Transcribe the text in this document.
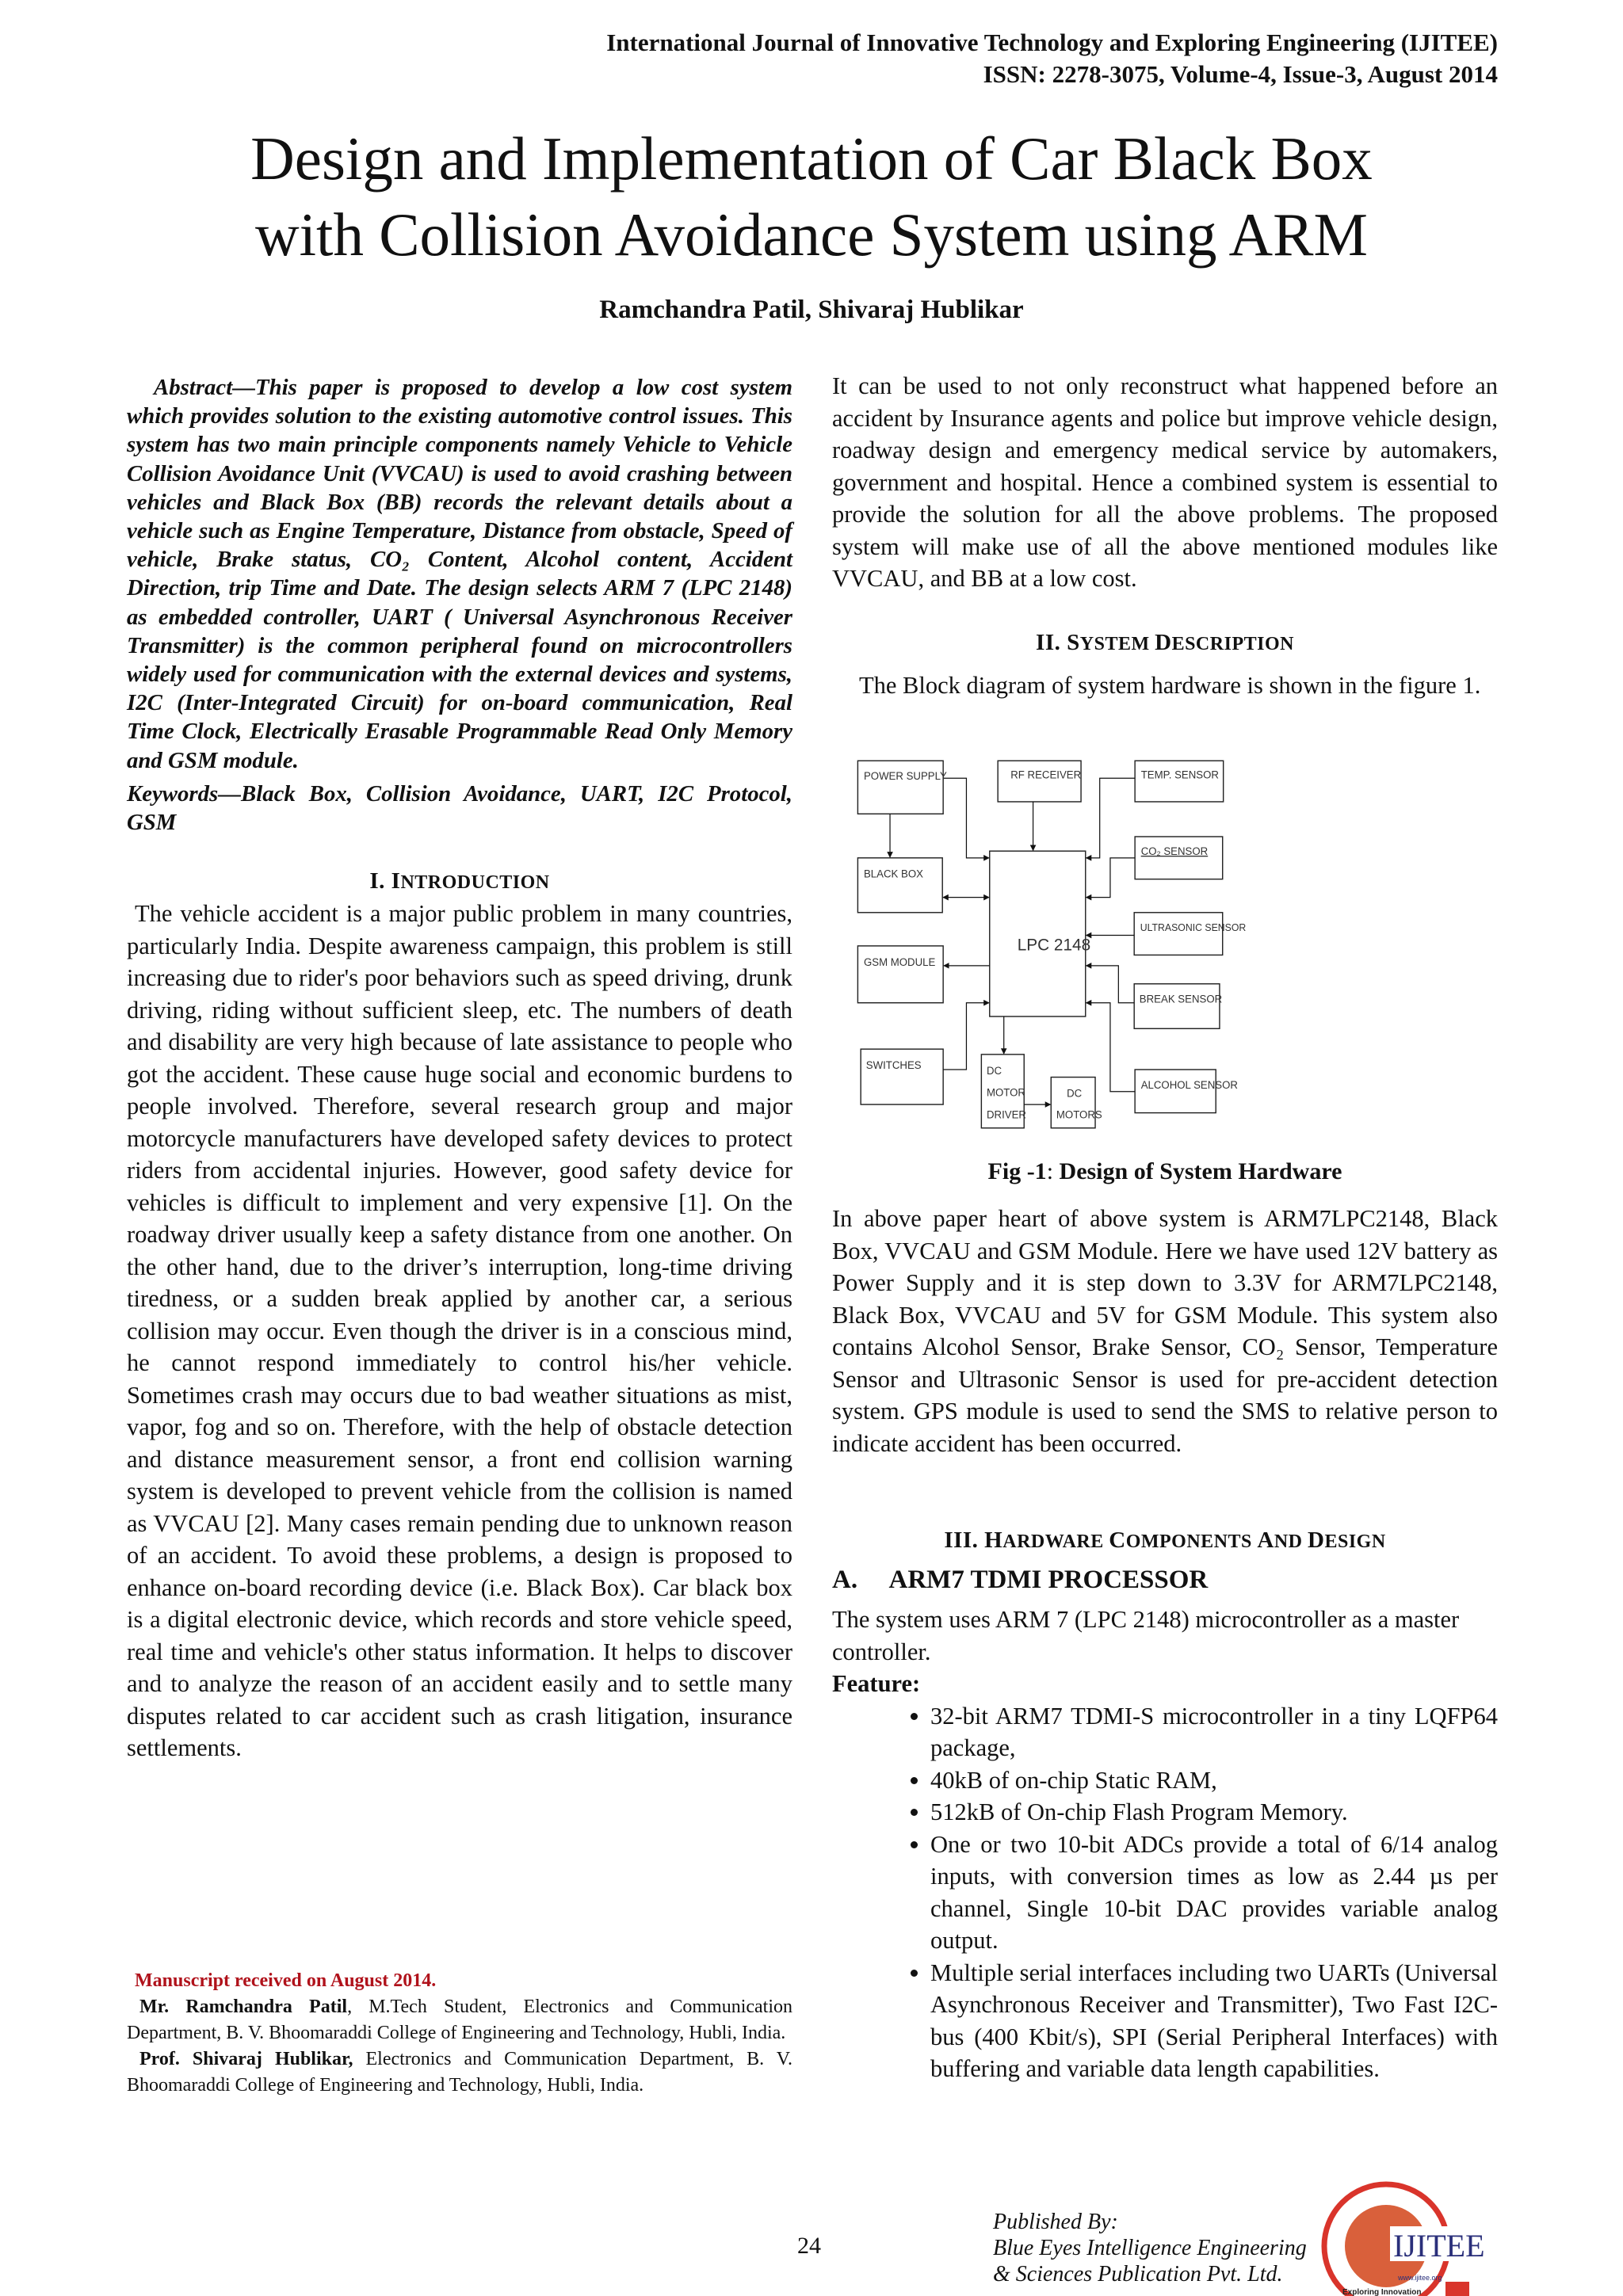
International Journal of Innovative Technology and Exploring Engineering (IJITEE)
ISSN: 2278-3075, Volume-4, Issue-3, August 2014
Design and Implementation of Car Black Box
with Collision Avoidance System using ARM
Ramchandra Patil, Shivaraj Hublikar

Abstract—This paper is proposed to develop a low cost system which provides solution to the existing automotive control issues. This system has two main principle components namely Vehicle to Vehicle Collision Avoidance Unit (VVCAU) is used to avoid crashing between vehicles and Black Box (BB) records the relevant details about a vehicle such as Engine Temperature, Distance from obstacle, Speed of vehicle, Brake status, CO₂ Content, Alcohol content, Accident Direction, trip Time and Date. The design selects ARM 7 (LPC 2148) as embedded controller, UART ( Universal Asynchronous Receiver Transmitter) is the common peripheral found on microcontrollers widely used for communication with the external devices and systems, I2C (Inter-Integrated Circuit) for on-board communication, Real Time Clock, Electrically Erasable Programmable Read Only Memory and GSM module.

Keywords—Black Box, Collision Avoidance, UART, I2C Protocol, GSM

I. INTRODUCTION

The vehicle accident is a major public problem in many countries, particularly India. Despite awareness campaign, this problem is still increasing due to rider's poor behaviors such as speed driving, drunk driving, riding without sufficient sleep, etc. The numbers of death and disability are very high because of late assistance to people who got the accident. These cause huge social and economic burdens to people involved. Therefore, several research group and major motorcycle manufacturers have developed safety devices to protect riders from accidental injuries. However, good safety device for vehicles is difficult to implement and very expensive [1]. On the roadway driver usually keep a safety distance from one another. On the other hand, due to the driver’s interruption, long-time driving tiredness, or a sudden break applied by another car, a serious collision may occur. Even though the driver is in a conscious mind, he cannot respond immediately to control his/her vehicle. Sometimes crash may occurs due to bad weather situations as mist, vapor, fog and so on. Therefore, with the help of obstacle detection and distance measurement sensor, a front end collision warning system is developed to prevent vehicle from the collision is named as VVCAU [2]. Many cases remain pending due to unknown reason of an accident. To avoid these problems, a design is proposed to enhance on-board recording device (i.e. Black Box). Car black box is a digital electronic device, which records and store vehicle speed, real time and vehicle's other status information. It helps to discover and to analyze the reason of an accident easily and to settle many disputes related to car accident such as crash litigation, insurance settlements.

Manuscript received on August 2014.
Mr. Ramchandra Patil, M.Tech Student, Electronics and Communication Department, B. V. Bhoomaraddi College of Engineering and Technology, Hubli, India.
Prof. Shivaraj Hublikar, Electronics and Communication Department, B. V. Bhoomaraddi College of Engineering and Technology, Hubli, India.
It can be used to not only reconstruct what happened before an accident by Insurance agents and police but improve vehicle design, roadway design and emergency medical service by automakers, government and hospital. Hence a combined system is essential to provide the solution for all the above problems. The proposed system will make use of all the above mentioned modules like VVCAU, and BB at a low cost.
II. SYSTEM DESCRIPTION
The Block diagram of system hardware is shown in the figure 1.
POWER SUPPLY	RF RECEIVER	TEMP. SENSOR
CO₂ SENSOR
BLACK BOX
LPC 2148
ULTRASONIC SENSOR
GSM MODULE
BREAK SENSOR
SWITCHES	DC
MOTOR
DRIVER
DC
MOTORS
ALCOHOL SENSOR
Fig -1: Design of System Hardware
In above paper heart of above system is ARM7LPC2148, Black Box, VVCAU and GSM Module. Here we have used 12V battery as Power Supply and it is step down to 3.3V for ARM7LPC2148, Black Box, VVCAU and 5V for GSM Module. This system also contains Alcohol Sensor, Brake Sensor, CO₂ Sensor, Temperature Sensor and Ultrasonic Sensor is used for pre-accident detection system. GPS module is used to send the SMS to relative person to indicate accident has been occurred.
III. HARDWARE COMPONENTS AND DESIGN
A.     ARM7 TDMI PROCESSOR

The system uses ARM 7 (LPC 2148) microcontroller as a master controller.

Feature:

• 32-bit ARM7 TDMI-S microcontroller in a tiny LQFP64 package,
• 40kB of on-chip Static RAM,
• 512kB of On-chip Flash Program Memory.
• One or two 10-bit ADCs provide a total of 6/14 analog inputs, with conversion times as low as 2.44 µs per channel, Single 10-bit DAC provides variable analog output.
• Multiple serial interfaces including two UARTs (Universal Asynchronous Receiver and Transmitter), Two Fast I2C-bus (400 Kbit/s), SPI (Serial Peripheral Interfaces) with buffering and variable data length capabilities.
24
Published By:
Blue Eyes Intelligence Engineering
& Sciences Publication Pvt. Ltd.
IJITEE
www.ijitee.org
Exploring Innovation
